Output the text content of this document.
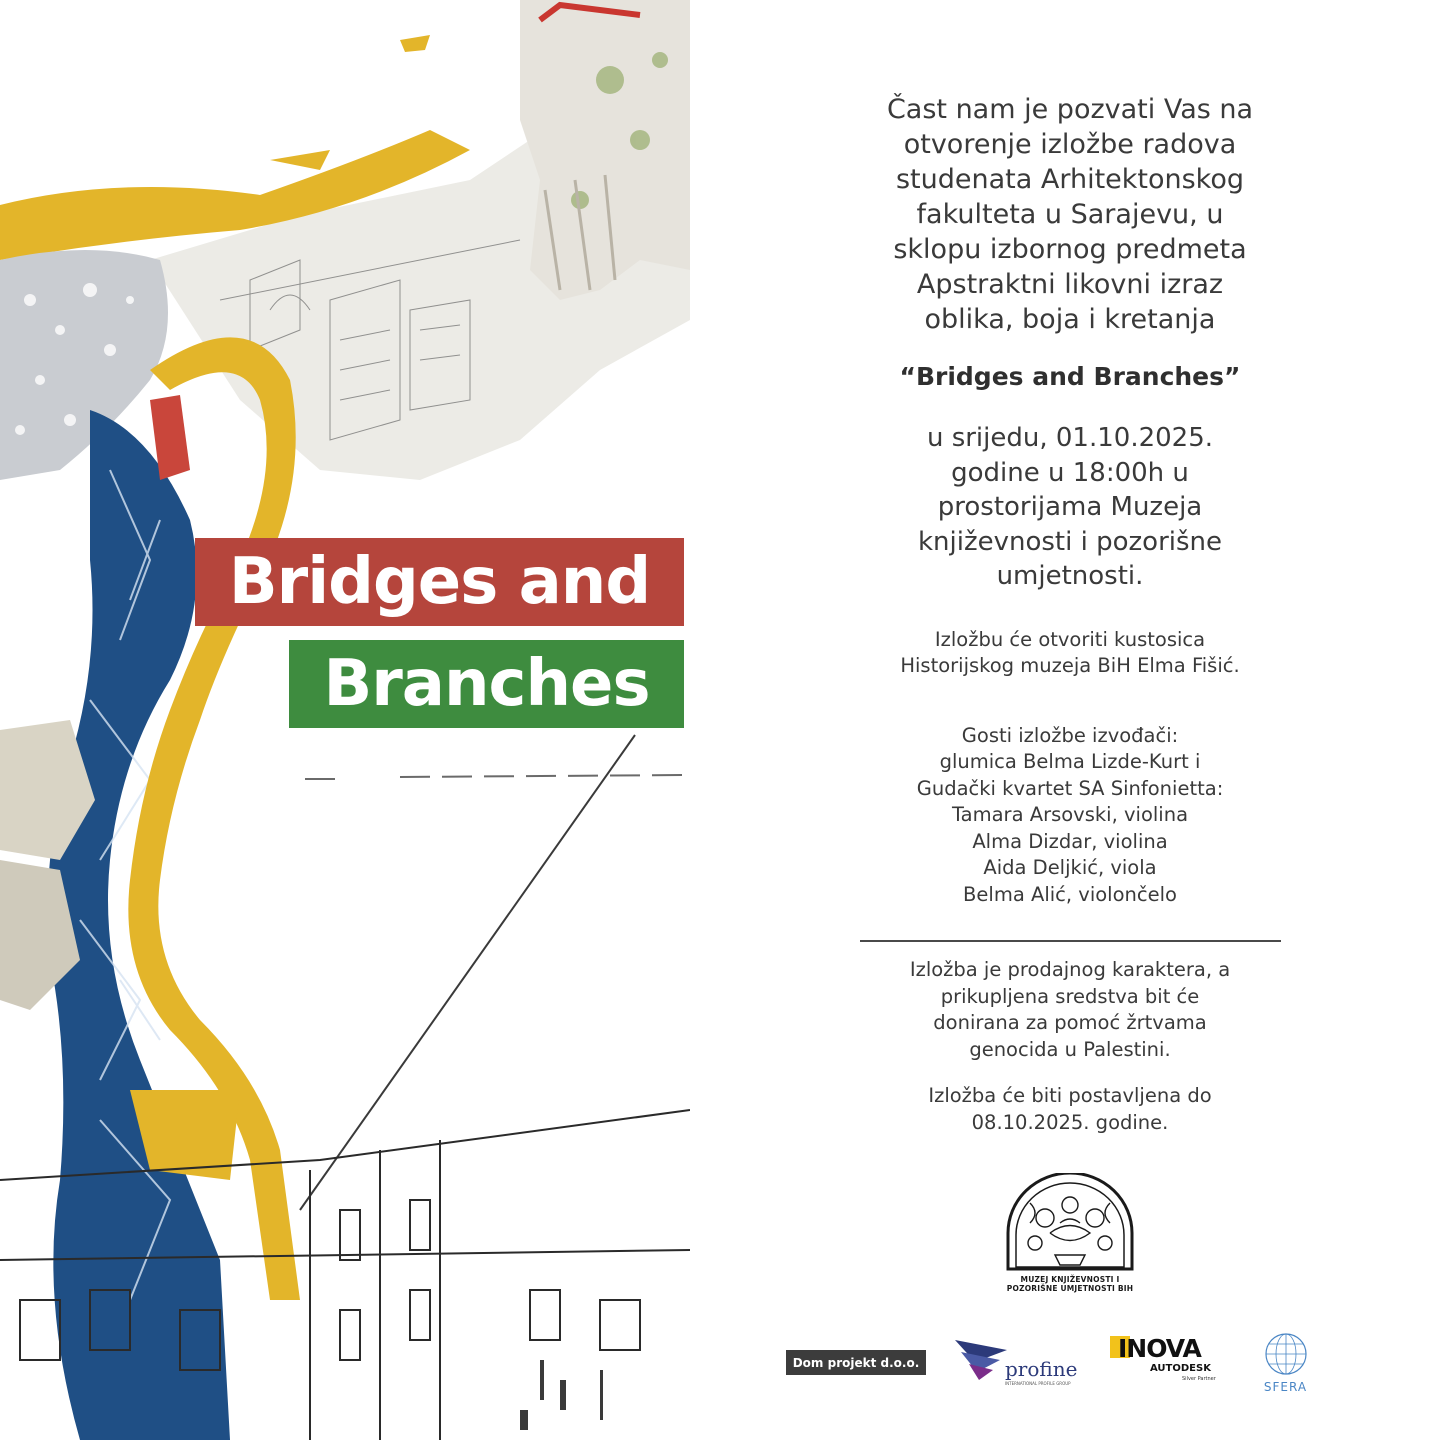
Bridges and
Branches

Čast nam je pozvati Vas na

otvorenje izložbe radova

studenata Arhitektonskog

fakulteta u Sarajevu, u

sklopu izbornog predmeta

Apstraktni likovni izraz

oblika, boja i kretanja

“Bridges and Branches”

u srijedu, 01.10.2025.

godine u 18:00h u

prostorijama Muzeja

književnosti i pozorišne

umjetnosti.

Izložbu će otvoriti kustosica

Historijskog muzeja BiH Elma Fišić.

Gosti izložbe izvođači:

glumica Belma Lizde-Kurt i

Gudački kvartet SA Sinfonietta:

Tamara Arsovski, violina

Alma Dizdar, violina

Aida Deljkić, viola

Belma Alić, violončelo

Izložba je prodajnog karaktera, a

prikupljena sredstva bit će

donirana za pomoć žrtvama

genocida u Palestini.

Izložba će biti postavljena do

08.10.2025. godine.

MUZEJ KNJIŽEVNOSTI I
POZORIŠNE UMJETNOSTI BIH
Dom projekt d.o.o.	profine
INTERNATIONAL PROFILE GROUP
INOVA
AUTODESK
Silver Partner
SFERA
